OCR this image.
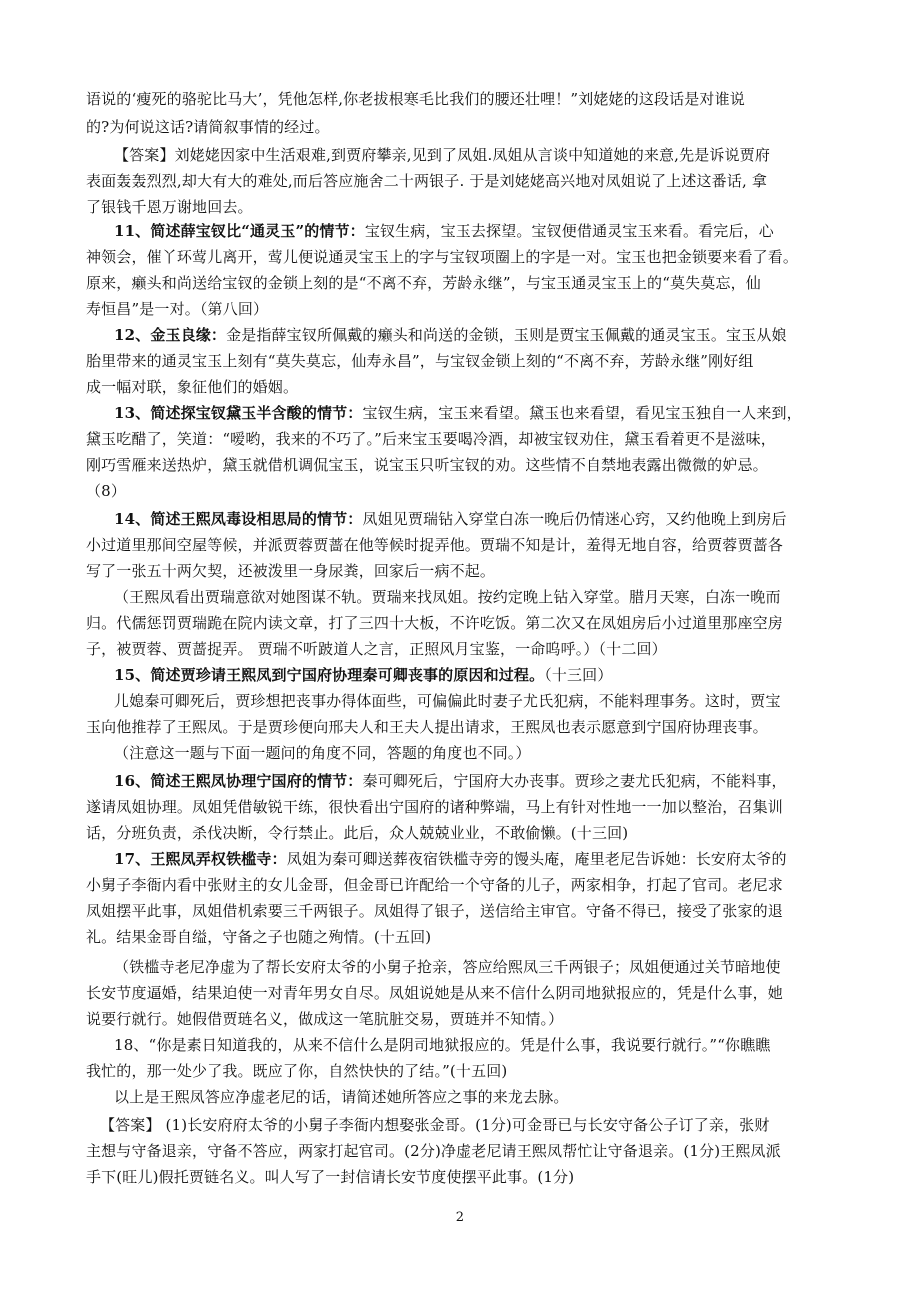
语说的‘瘦死的骆驼比马大’，凭他怎样,你老拔根寒毛比我们的腰还壮哩！”刘姥姥的这段话是对谁说
的?为何说这话?请简叙事情的经过。
【答案】刘姥姥因家中生活艰难,到贾府攀亲,见到了凤姐.凤姐从言谈中知道她的来意,先是诉说贾府
表面轰轰烈烈,却大有大的难处,而后答应施舍二十两银子. 于是刘姥姥高兴地对凤姐说了上述这番话, 拿
了银钱千恩万谢地回去。
11、简述薛宝钗比“通灵玉”的情节：宝钗生病，宝玉去探望。宝钗便借通灵宝玉来看。看完后，心
神领会，催丫环莺儿离开，莺儿便说通灵宝玉上的字与宝钗项圈上的字是一对。宝玉也把金锁要来看了看。
原来，癞头和尚送给宝钗的金锁上刻的是“不离不弃，芳龄永继”，与宝玉通灵宝玉上的“莫失莫忘，仙
寿恒昌”是一对。（第八回）
12、金玉良缘：金是指薛宝钗所佩戴的癞头和尚送的金锁，玉则是贾宝玉佩戴的通灵宝玉。宝玉从娘
胎里带来的通灵宝玉上刻有“莫失莫忘，仙寿永昌”，与宝钗金锁上刻的“不离不弃，芳龄永继”刚好组
成一幅对联，象征他们的婚姻。
13、简述探宝钗黛玉半含酸的情节：宝钗生病，宝玉来看望。黛玉也来看望，看见宝玉独自一人来到，
黛玉吃醋了，笑道：“嗳哟，我来的不巧了。”后来宝玉要喝冷酒，却被宝钗劝住，黛玉看着更不是滋味，
刚巧雪雁来送热炉，黛玉就借机调侃宝玉，说宝玉只听宝钗的劝。这些情不自禁地表露出微微的妒忌。
（8）
14、简述王熙凤毒设相思局的情节：凤姐见贾瑞钻入穿堂白冻一晚后仍情迷心窍，又约他晚上到房后
小过道里那间空屋等候，并派贾蓉贾蔷在他等候时捉弄他。贾瑞不知是计，羞得无地自容，给贾蓉贾蔷各
写了一张五十两欠契，还被泼里一身尿粪，回家后一病不起。
（王熙凤看出贾瑞意欲对她图谋不轨。贾瑞来找凤姐。按约定晚上钻入穿堂。腊月天寒，白冻一晚而
归。代儒惩罚贾瑞跪在院内读文章，打了三四十大板，不许吃饭。第二次又在凤姐房后小过道里那座空房
子，被贾蓉、贾蔷捉弄。 贾瑞不听跛道人之言，正照风月宝鉴，一命呜呼。）（十二回）
15、简述贾珍请王熙凤到宁国府协理秦可卿丧事的原因和过程。（十三回）
儿媳秦可卿死后，贾珍想把丧事办得体面些，可偏偏此时妻子尤氏犯病，不能料理事务。这时，贾宝
玉向他推荐了王熙凤。于是贾珍便向邢夫人和王夫人提出请求，王熙凤也表示愿意到宁国府协理丧事。
（注意这一题与下面一题问的角度不同，答题的角度也不同。）
16、简述王熙凤协理宁国府的情节：秦可卿死后，宁国府大办丧事。贾珍之妻尤氏犯病，不能料事，
遂请凤姐协理。凤姐凭借敏锐干练，很快看出宁国府的诸种弊端，马上有针对性地一一加以整治，召集训
话，分班负责，杀伐决断，令行禁止。此后，众人兢兢业业，不敢偷懒。(十三回)
17、王熙凤弄权铁槛寺：凤姐为秦可卿送葬夜宿铁槛寺旁的馒头庵，庵里老尼告诉她：长安府太爷的
小舅子李衙内看中张财主的女儿金哥，但金哥已许配给一个守备的儿子，两家相争，打起了官司。老尼求
凤姐摆平此事，凤姐借机索要三千两银子。凤姐得了银子，送信给主审官。守备不得已，接受了张家的退
礼。结果金哥自缢，守备之子也随之殉情。(十五回)
（铁槛寺老尼净虚为了帮长安府太爷的小舅子抢亲，答应给熙凤三千两银子；凤姐便通过关节暗地使
长安节度逼婚，结果迫使一对青年男女自尽。凤姐说她是从来不信什么阴司地狱报应的，凭是什么事，她
说要行就行。她假借贾琏名义，做成这一笔肮脏交易，贾琏并不知情。）
18、“你是素日知道我的，从来不信什么是阴司地狱报应的。凭是什么事，我说要行就行。”“你瞧瞧
我忙的，那一处少了我。既应了你，自然快快的了结。”(十五回)
以上是王熙凤答应净虚老尼的话，请简述她所答应之事的来龙去脉。
【答案】 (1)长安府府太爷的小舅子李衙内想娶张金哥。(1分)可金哥已与长安守备公子订了亲，张财
主想与守备退亲，守备不答应，两家打起官司。(2分)净虚老尼请王熙凤帮忙让守备退亲。(1分)王熙凤派
手下(旺儿)假托贾链名义。叫人写了一封信请长安节度使摆平此事。(1分)
2
